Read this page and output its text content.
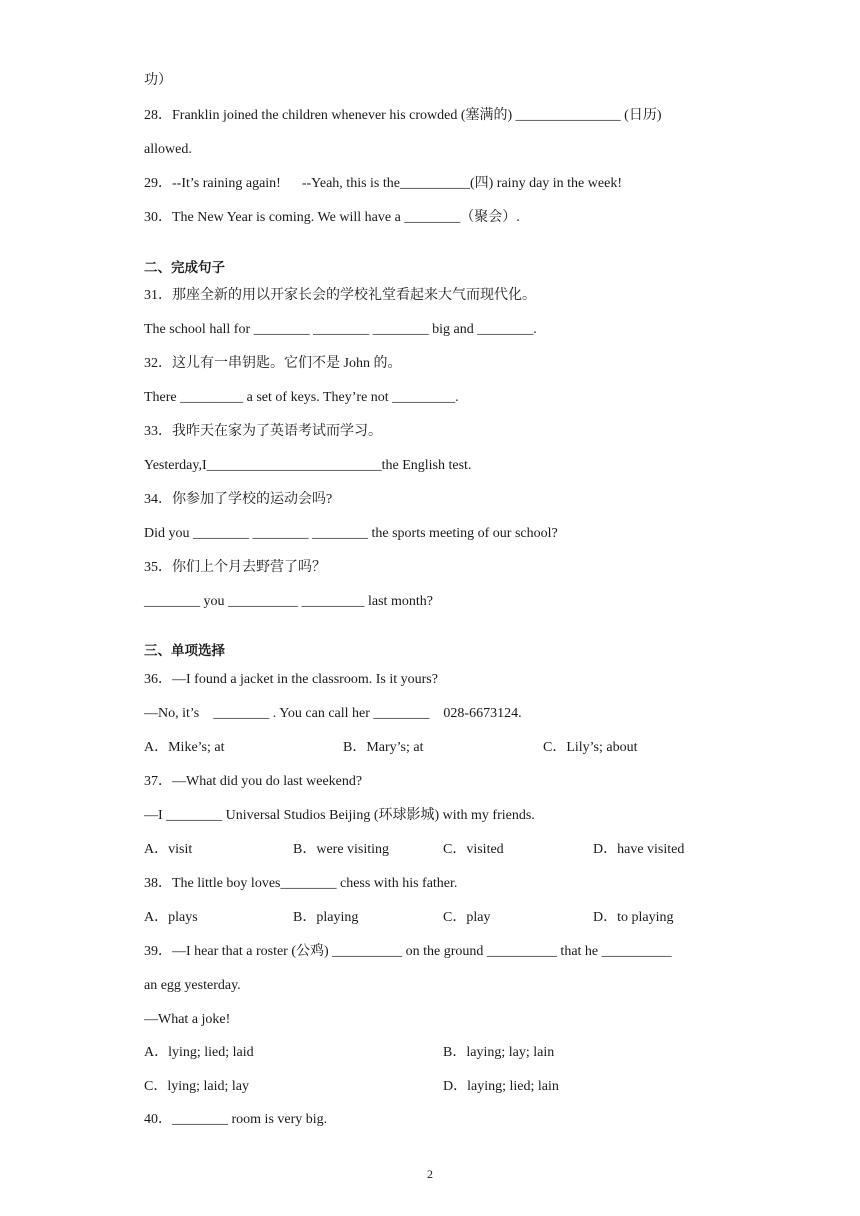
功）
28．Franklin joined the children whenever his crowded (塞满的) _______________ (日历)
allowed.
29．--It’s raining again!      --Yeah, this is the__________(四) rainy day in the week!
30．The New Year is coming. We will have a ________（聚会）.
二、完成句子
31．那座全新的用以开家长会的学校礼堂看起来大气而现代化。
The school hall for ________ ________ ________ big and ________.
32．这儿有一串钥匙。它们不是 John 的。
There _________ a set of keys. They’re not _________.
33．我昨天在家为了英语考试而学习。
Yesterday,I_________________________the English test.
34．你参加了学校的运动会吗?
Did you ________ ________ ________ the sports meeting of our school?
35．你们上个月去野营了吗？
________ you __________ _________ last month?
三、单项选择
36．—I found a jacket in the classroom. Is it yours?
—No, it’s    ________ . You can call her ________    028-6673124.
A．Mike’s; at	B．Mary’s; at	C．Lily’s; about
37．—What did you do last weekend?
—I ________ Universal Studios Beijing (环球影城) with my friends.
A．visit	B．were visiting	C．visited	D．have visited
38．The little boy loves________ chess with his father.
A．plays	B．playing	C．play	D．to playing
39．—I hear that a roster (公鸡) __________ on the ground __________ that he __________
an egg yesterday.
—What a joke!
A．lying; lied; laid	B．laying; lay; lain
C．lying; laid; lay	D．laying; lied; lain
40．________ room is very big.
2
